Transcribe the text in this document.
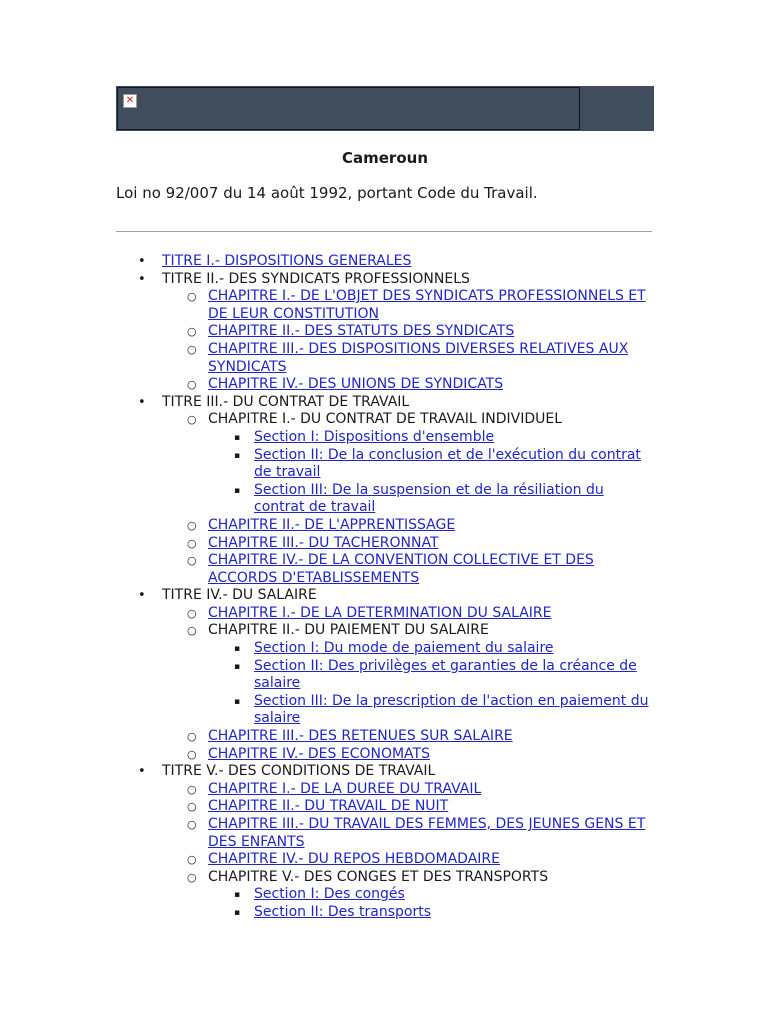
✕
Cameroun
Loi no 92/007 du 14 août 1992, portant Code du Travail.
• TITRE I.- DISPOSITIONS GENERALES
• TITRE II.- DES SYNDICATS PROFESSIONNELS
○ CHAPITRE I.- DE L'OBJET DES SYNDICATS PROFESSIONNELS ET DE LEUR CONSTITUTION
○ CHAPITRE II.- DES STATUTS DES SYNDICATS
○ CHAPITRE III.- DES DISPOSITIONS DIVERSES RELATIVES AUX SYNDICATS
○ CHAPITRE IV.- DES UNIONS DE SYNDICATS
• TITRE III.- DU CONTRAT DE TRAVAIL
○ CHAPITRE I.- DU CONTRAT DE TRAVAIL INDIVIDUEL
▪ Section I: Dispositions d'ensemble
▪ Section II: De la conclusion et de l'exécution du contrat de travail
▪ Section III: De la suspension et de la résiliation du contrat de travail
○ CHAPITRE II.- DE L'APPRENTISSAGE
○ CHAPITRE III.- DU TACHERONNAT
○ CHAPITRE IV.- DE LA CONVENTION COLLECTIVE ET DES ACCORDS D'ETABLISSEMENTS
• TITRE IV.- DU SALAIRE
○ CHAPITRE I.- DE LA DETERMINATION DU SALAIRE
○ CHAPITRE II.- DU PAIEMENT DU SALAIRE
▪ Section I: Du mode de paiement du salaire
▪ Section II: Des privilèges et garanties de la créance de salaire
▪ Section III: De la prescription de l'action en paiement du salaire
○ CHAPITRE III.- DES RETENUES SUR SALAIRE
○ CHAPITRE IV.- DES ECONOMATS
• TITRE V.- DES CONDITIONS DE TRAVAIL
○ CHAPITRE I.- DE LA DUREE DU TRAVAIL
○ CHAPITRE II.- DU TRAVAIL DE NUIT
○ CHAPITRE III.- DU TRAVAIL DES FEMMES, DES JEUNES GENS ET DES ENFANTS
○ CHAPITRE IV.- DU REPOS HEBDOMADAIRE
○ CHAPITRE V.- DES CONGES ET DES TRANSPORTS
▪ Section I: Des congés
▪ Section II: Des transports
